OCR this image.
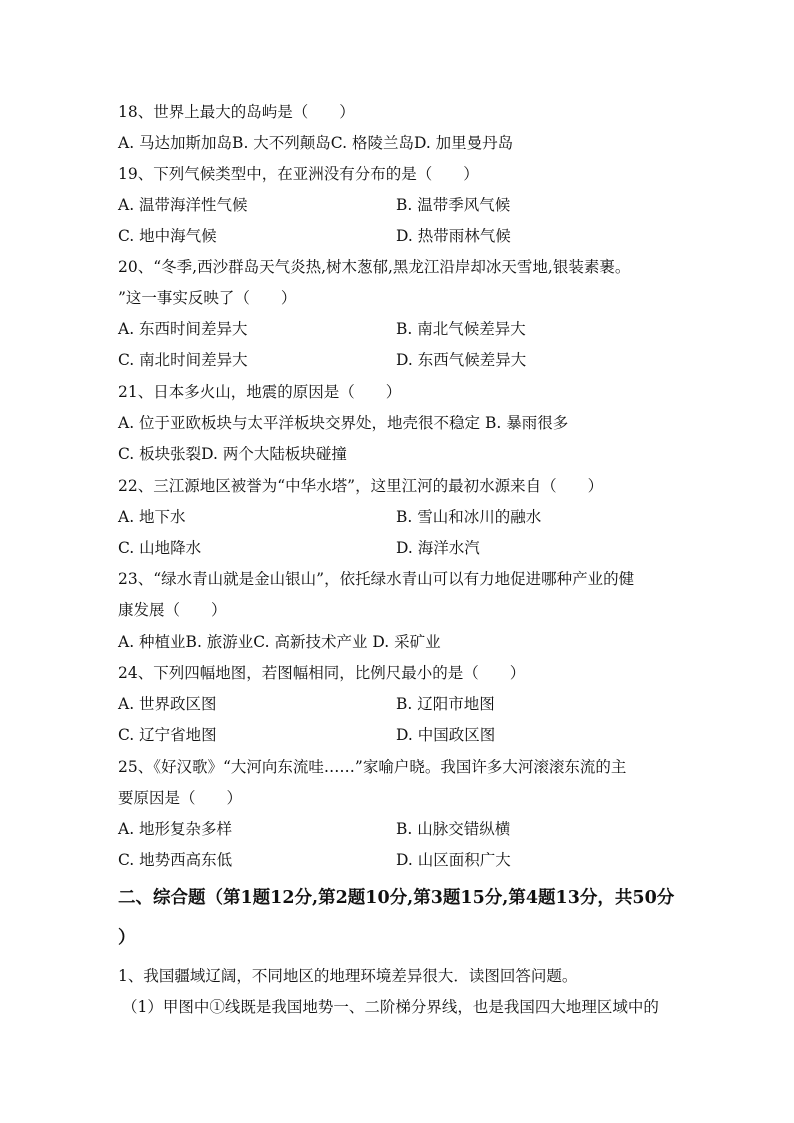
18、世界上最大的岛屿是（　　）
A. 马达加斯加岛B. 大不列颠岛C. 格陵兰岛D. 加里曼丹岛
19、下列气候类型中，在亚洲没有分布的是（　　）
A. 温带海洋性气候	B. 温带季风气候
C. 地中海气候	D. 热带雨林气候
20、“冬季,西沙群岛天气炎热,树木葱郁,黑龙江沿岸却冰天雪地,银装素裹。
”这一事实反映了（　　）
A. 东西时间差异大	B. 南北气候差异大
C. 南北时间差异大	D. 东西气候差异大
21、日本多火山，地震的原因是（　　）
A. 位于亚欧板块与太平洋板块交界处，地壳很不稳定 B. 暴雨很多
C. 板块张裂D. 两个大陆板块碰撞
22、三江源地区被誉为“中华水塔”，这里江河的最初水源来自（　　）
A. 地下水	B. 雪山和冰川的融水
C. 山地降水	D. 海洋水汽
23、“绿水青山就是金山银山”，依托绿水青山可以有力地促进哪种产业的健
康发展（　　）
A. 种植业B. 旅游业C. 高新技术产业 D. 采矿业
24、下列四幅地图，若图幅相同，比例尺最小的是（　　）
A. 世界政区图	B. 辽阳市地图
C. 辽宁省地图	D. 中国政区图
25、《好汉歌》“大河向东流哇……”家喻户晓。我国许多大河滚滚东流的主
要原因是（　　）
A. 地形复杂多样	B. 山脉交错纵横
C. 地势西高东低	D. 山区面积广大
二、综合题（第1题12分,第2题10分,第3题15分,第4题13分，共50分
）
1、我国疆域辽阔，不同地区的地理环境差异很大．读图回答问题。
（1）甲图中①线既是我国地势一、二阶梯分界线，也是我国四大地理区域中的
